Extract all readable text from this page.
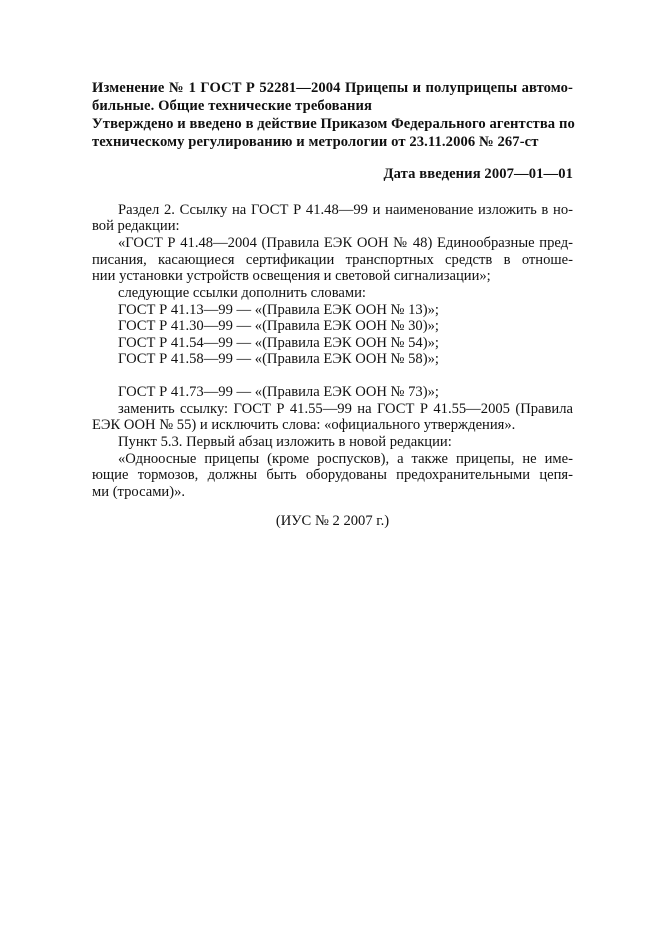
Изменение № 1 ГОСТ Р 52281—2004 Прицепы и полуприцепы автомо-
бильные. Общие технические требования
Утверждено и введено в действие Приказом Федерального агентства по
техническому регулированию и метрологии от 23.11.2006 № 267-ст
Дата введения 2007—01—01
Раздел 2. Ссылку на ГОСТ Р 41.48—99 и наименование изложить в но-
вой редакции:
«ГОСТ Р 41.48—2004 (Правила ЕЭК ООН № 48) Единообразные пред-
писания, касающиеся сертификации транспортных средств в отноше-
нии установки устройств освещения и световой сигнализации»;
следующие ссылки дополнить словами:
ГОСТ Р 41.13—99 — «(Правила ЕЭК ООН № 13)»;
ГОСТ Р 41.30—99 — «(Правила ЕЭК ООН № 30)»;
ГОСТ Р 41.54—99 — «(Правила ЕЭК ООН № 54)»;
ГОСТ Р 41.58—99 — «(Правила ЕЭК ООН № 58)»;
ГОСТ Р 41.73—99 — «(Правила ЕЭК ООН № 73)»;
заменить ссылку: ГОСТ Р 41.55—99 на ГОСТ Р 41.55—2005 (Правила
ЕЭК ООН № 55) и исключить слова: «официального утверждения».
Пункт 5.3. Первый абзац изложить в новой редакции:
«Одноосные прицепы (кроме роспусков), а также прицепы, не име-
ющие тормозов, должны быть оборудованы предохранительными цепя-
ми (тросами)».
(ИУС № 2 2007 г.)
